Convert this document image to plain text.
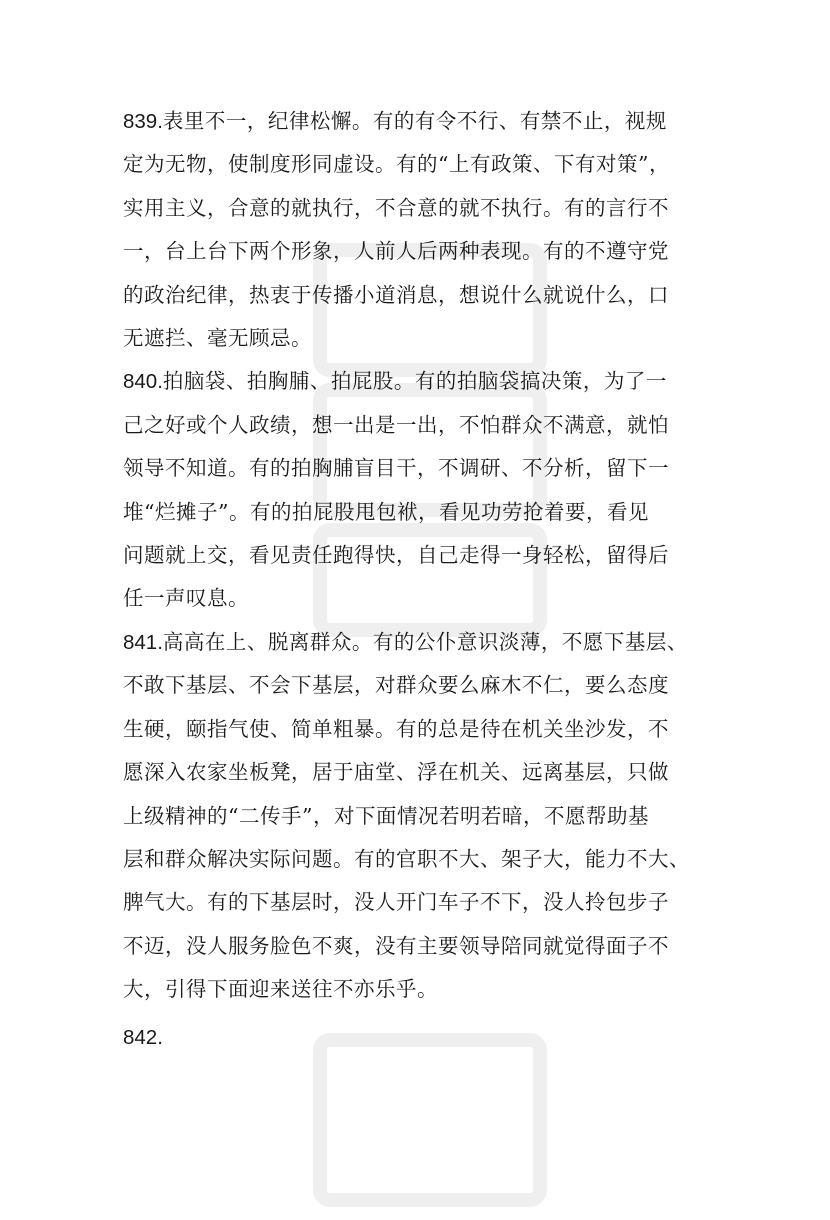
839.表里不一，纪律松懈。有的有令不行、有禁不止，视规
定为无物，使制度形同虚设。有的“上有政策、下有对策”，
实用主义，合意的就执行，不合意的就不执行。有的言行不
一，台上台下两个形象，人前人后两种表现。有的不遵守党
的政治纪律，热衷于传播小道消息，想说什么就说什么，口
无遮拦、毫无顾忌。
840.拍脑袋、拍胸脯、拍屁股。有的拍脑袋搞决策，为了一
己之好或个人政绩，想一出是一出，不怕群众不满意，就怕
领导不知道。有的拍胸脯盲目干，不调研、不分析，留下一
堆“烂摊子”。有的拍屁股甩包袱，看见功劳抢着要，看见
问题就上交，看见责任跑得快，自己走得一身轻松，留得后
任一声叹息。
841.高高在上、脱离群众。有的公仆意识淡薄，不愿下基层、
不敢下基层、不会下基层，对群众要么麻木不仁，要么态度
生硬，颐指气使、简单粗暴。有的总是待在机关坐沙发，不
愿深入农家坐板凳，居于庙堂、浮在机关、远离基层，只做
上级精神的“二传手”，对下面情况若明若暗，不愿帮助基
层和群众解决实际问题。有的官职不大、架子大，能力不大、
脾气大。有的下基层时，没人开门车子不下，没人拎包步子
不迈，没人服务脸色不爽，没有主要领导陪同就觉得面子不
大，引得下面迎来送往不亦乐乎。
842.
